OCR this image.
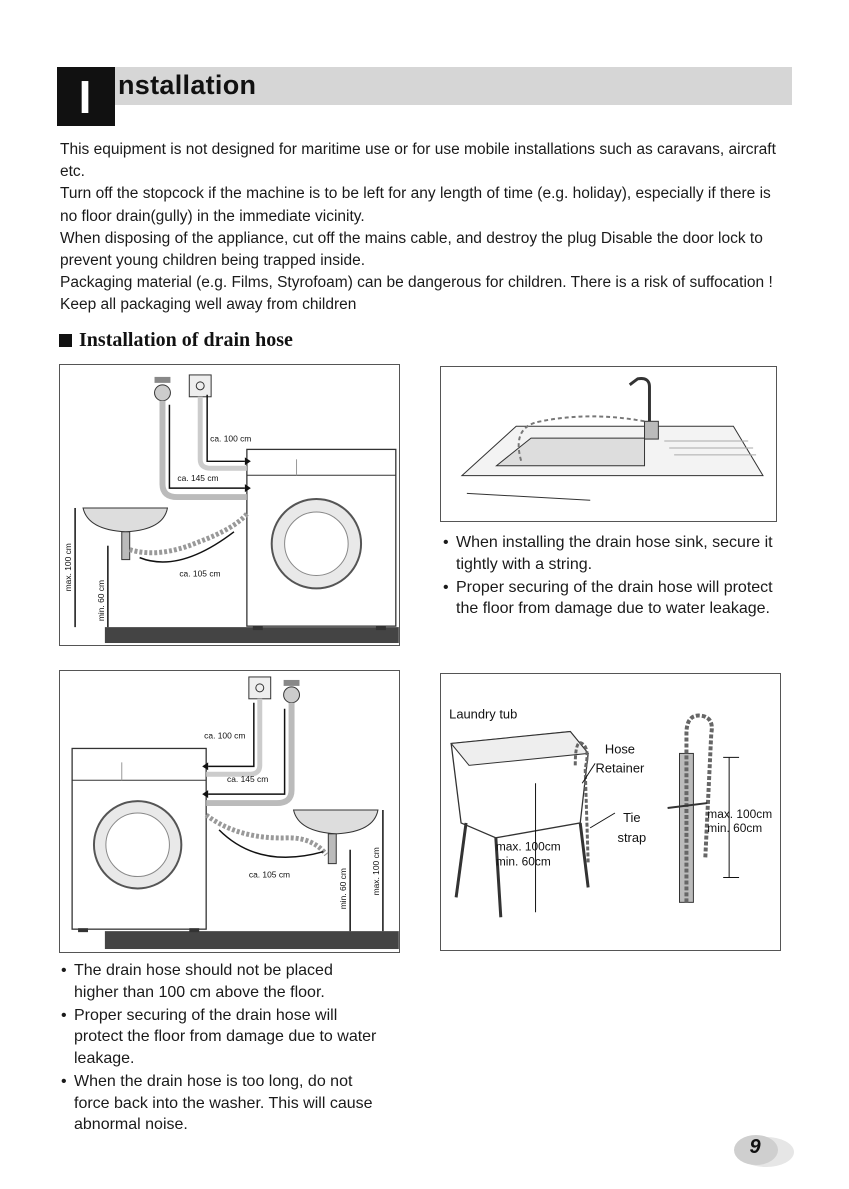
I nstallation

This equipment is not designed for maritime use or for use mobile installations such as caravans, aircraft etc.

Turn off the stopcock if the machine is to be left for any length of time (e.g. holiday), especially if there is no floor drain(gully) in the immediate vicinity.

When disposing of the appliance, cut off the mains cable, and destroy the plug Disable the door lock to prevent young children being trapped inside.

Packaging material (e.g. Films, Styrofoam) can be dangerous for children. There is a risk of suffocation ! Keep all packaging well away from children

Installation of drain hose
ca. 100 cm
ca. 145 cm
ca. 105 cm
max. 100 cm
min. 60 cm
• When installing the drain hose sink, secure it tightly with a string.
• Proper securing of the drain hose will protect the floor from damage due to water leakage.
ca. 100 cm
ca. 145 cm
ca. 105 cm	min. 60 cm	max. 100 cm
Laundry tub
Hose
Retainer
Tie
strap
max. 100cm
min. 60cm
max. 100cm
min. 60cm
• The drain hose should not be placed higher than 100 cm above the floor.
• Proper securing of the drain hose will protect the floor from damage due to water leakage.
• When the drain hose is too long, do not force back into the washer. This will cause abnormal noise.
9
